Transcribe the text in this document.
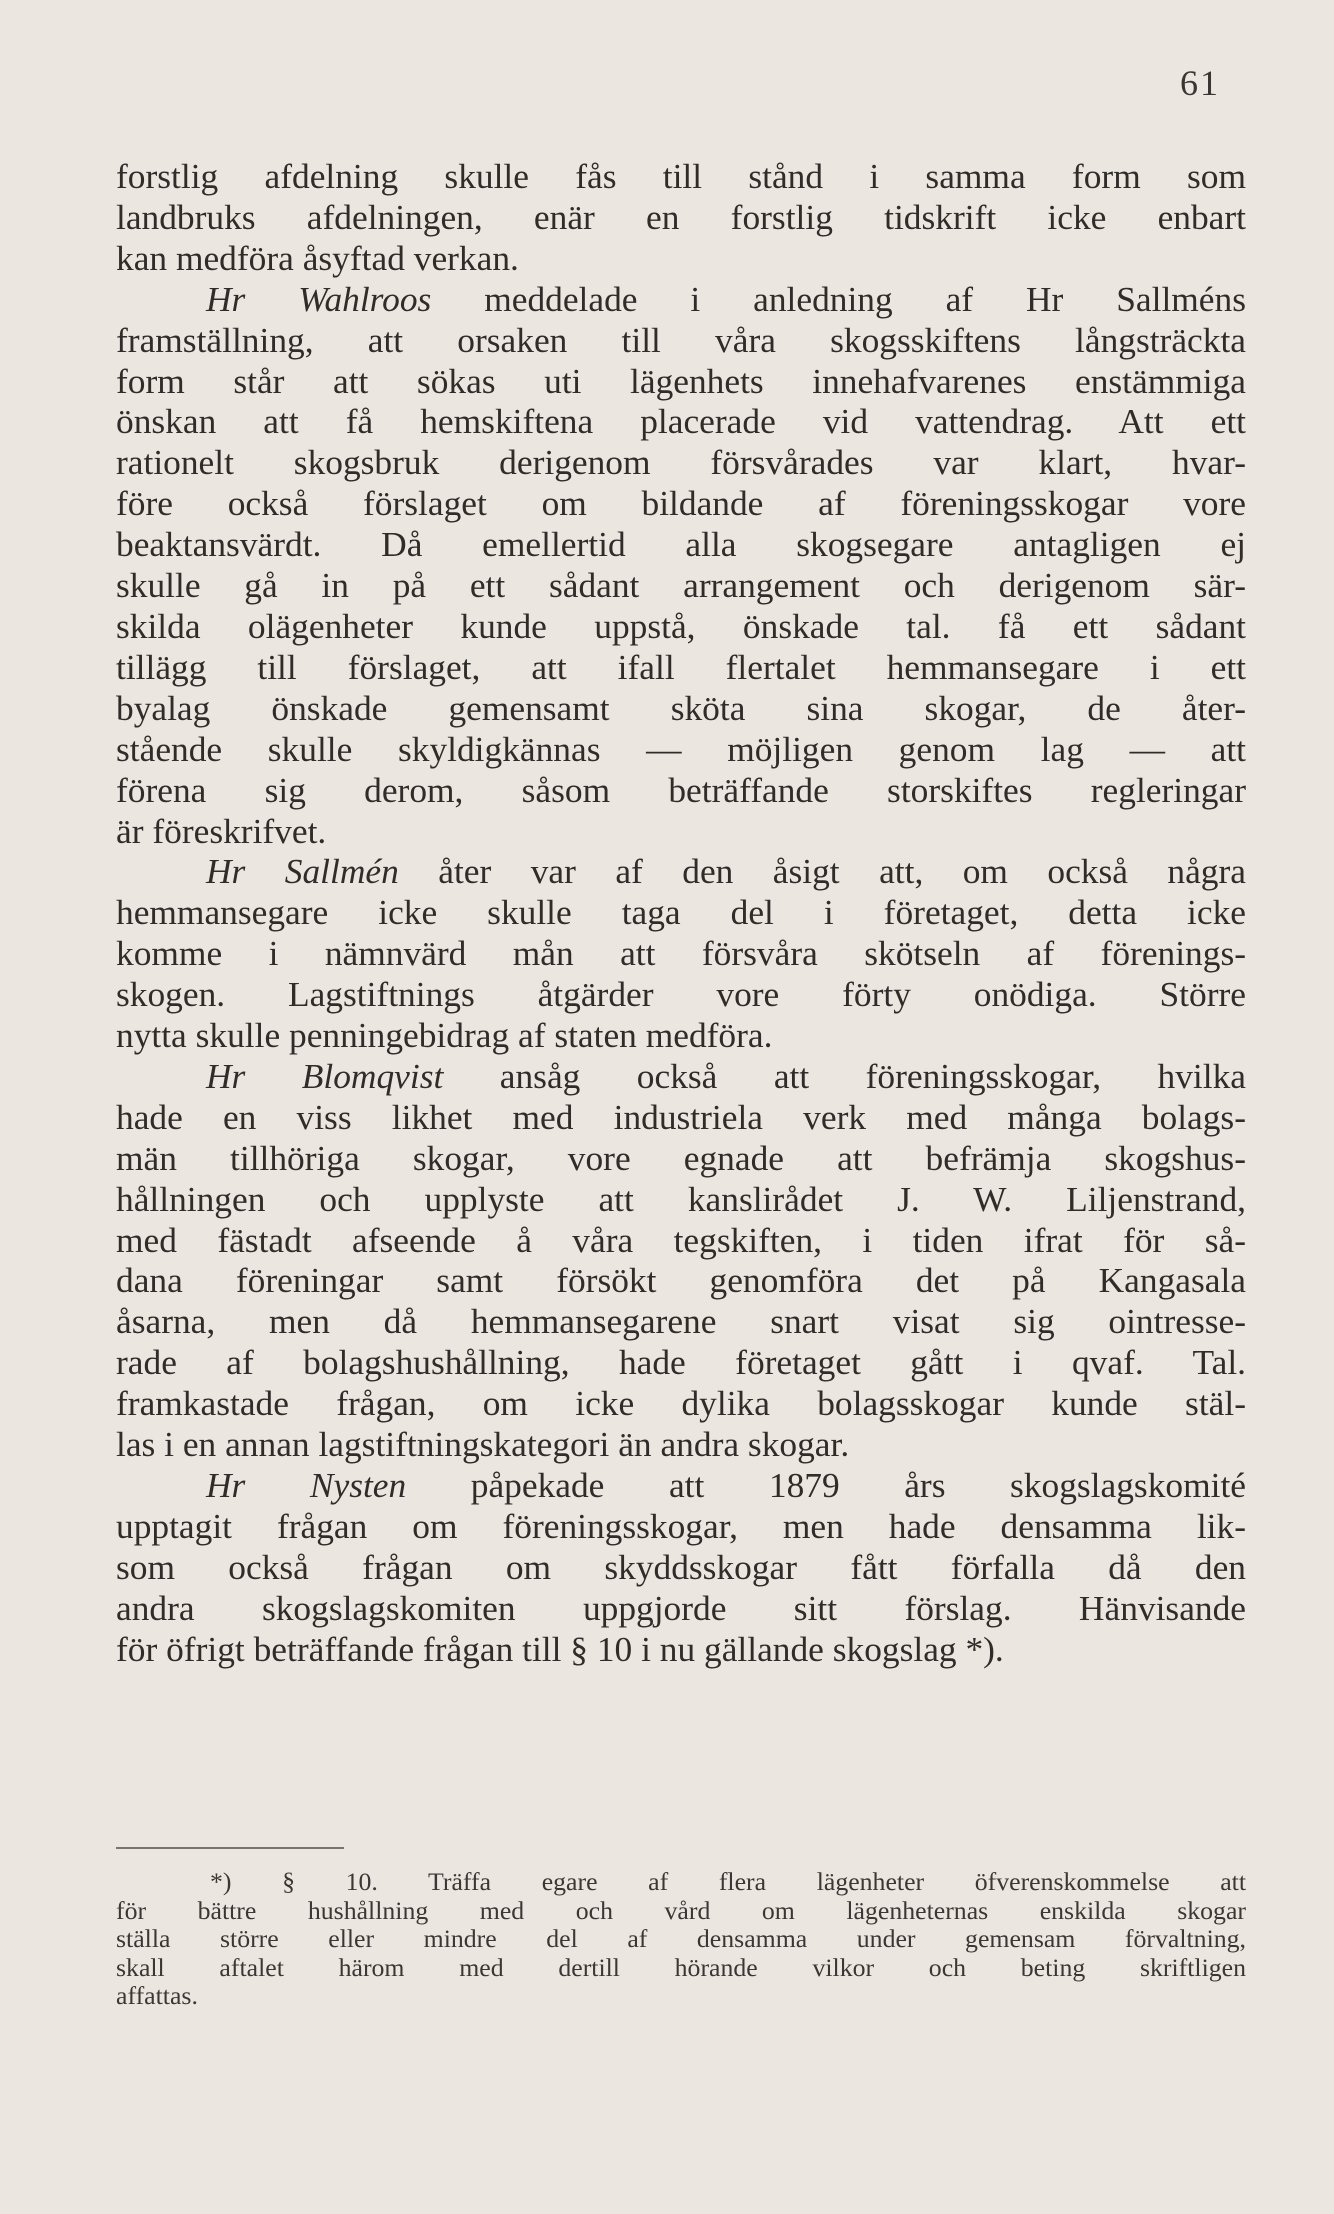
61

forstlig afdelning skulle fås till stånd i samma form som
landbruks afdelningen, enär en forstlig tidskrift icke enbart
kan medföra åsyftad verkan.

Hr Wahlroos meddelade i anledning af Hr Sallméns
framställning, att orsaken till våra skogsskiftens långsträckta
form står att sökas uti lägenhets innehafvarenes enstämmiga
önskan att få hemskiftena placerade vid vattendrag. Att ett
rationelt skogsbruk derigenom försvårades var klart, hvar-
före också förslaget om bildande af föreningsskogar vore
beaktansvärdt. Då emellertid alla skogsegare antagligen ej
skulle gå in på ett sådant arrangement och derigenom sär-
skilda olägenheter kunde uppstå, önskade tal. få ett sådant
tillägg till förslaget, att ifall flertalet hemmansegare i ett
byalag önskade gemensamt sköta sina skogar, de åter-
stående skulle skyldigkännas — möjligen genom lag — att
förena sig derom, såsom beträffande storskiftes regleringar
är föreskrifvet.

Hr Sallmén åter var af den åsigt att, om också några
hemmansegare icke skulle taga del i företaget, detta icke
komme i nämnvärd mån att försvåra skötseln af förenings-
skogen. Lagstiftnings åtgärder vore förty onödiga. Större
nytta skulle penningebidrag af staten medföra.

Hr Blomqvist ansåg också att föreningsskogar, hvilka
hade en viss likhet med industriela verk med många bolags-
män tillhöriga skogar, vore egnade att befrämja skogshus-
hållningen och upplyste att kanslirådet J. W. Liljenstrand,
med fästadt afseende å våra tegskiften, i tiden ifrat för så-
dana föreningar samt försökt genomföra det på Kangasala
åsarna, men då hemmansegarene snart visat sig ointresse-
rade af bolagshushållning, hade företaget gått i qvaf. Tal.
framkastade frågan, om icke dylika bolagsskogar kunde stäl-
las i en annan lagstiftningskategori än andra skogar.

Hr Nysten påpekade att 1879 års skogslagskomité
upptagit frågan om föreningsskogar, men hade densamma lik-
som också frågan om skyddsskogar fått förfalla då den
andra skogslagskomiten uppgjorde sitt förslag. Hänvisande
för öfrigt beträffande frågan till § 10 i nu gällande skogslag *).

*) § 10. Träffa egare af flera lägenheter öfverenskommelse att
för bättre hushållning med och vård om lägenheternas enskilda skogar
ställa större eller mindre del af densamma under gemensam förvaltning,
skall aftalet härom med dertill hörande vilkor och beting skriftligen
affattas.
